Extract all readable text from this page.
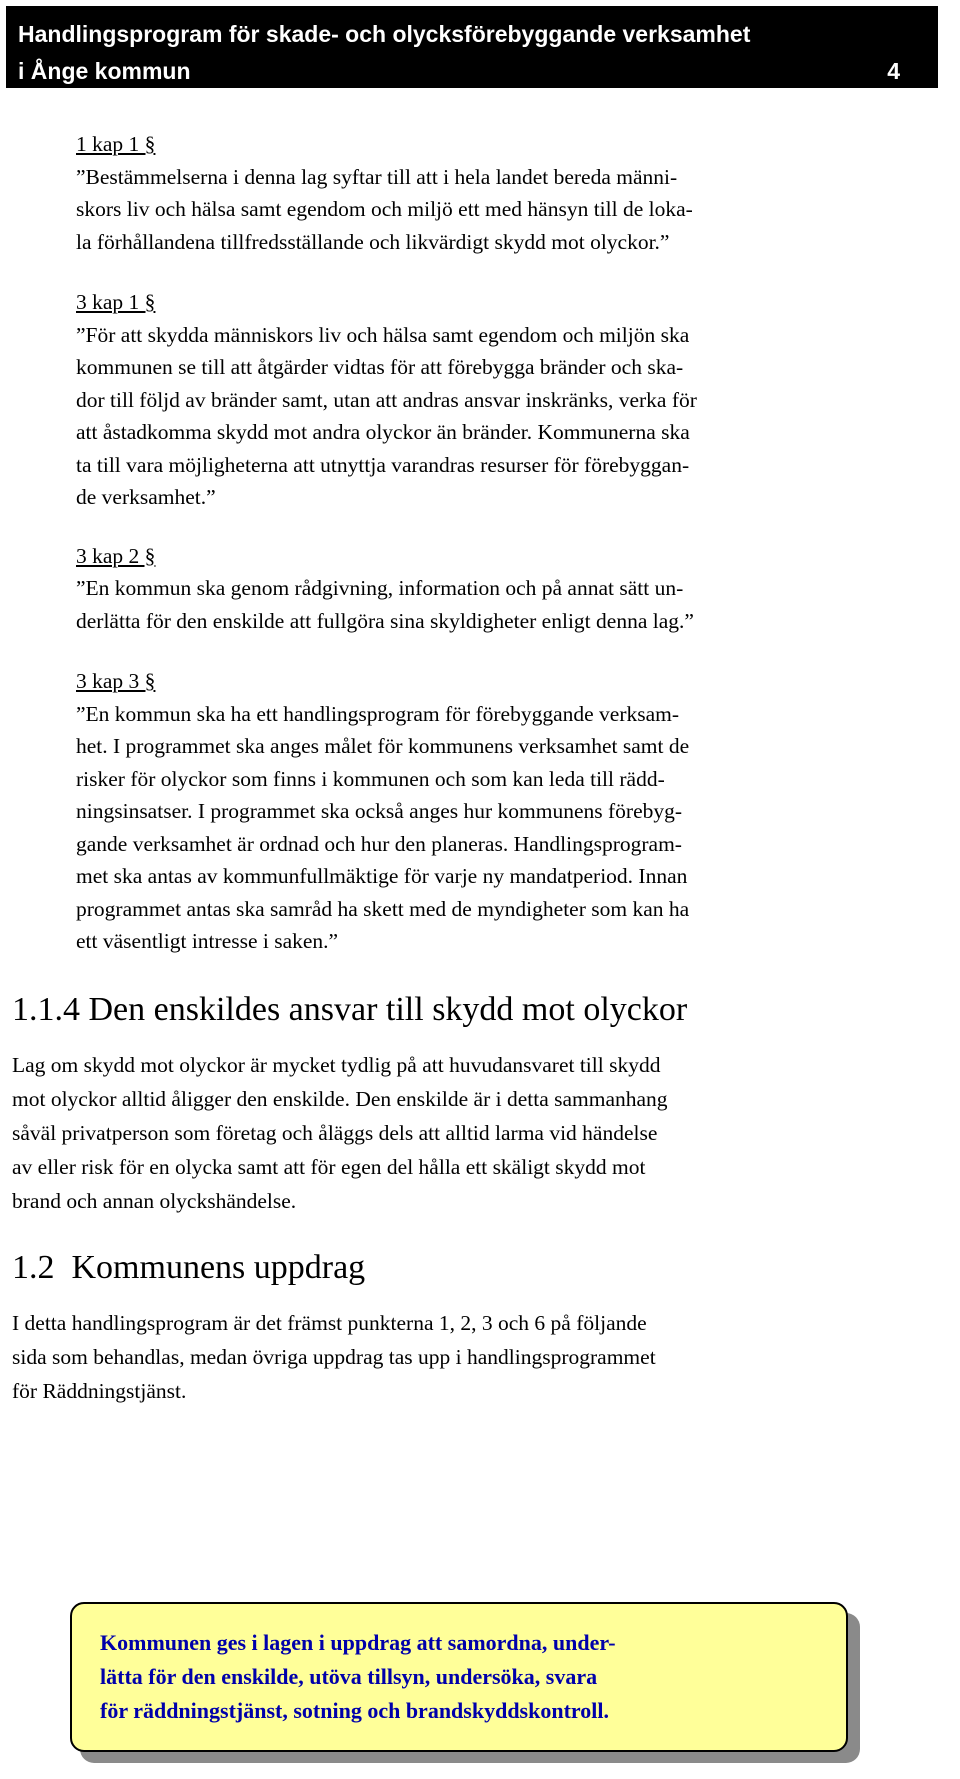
Handlingsprogram för skade- och olycksförebyggande verksamhet
i Ånge kommun	4
1 kap 1 §

”Bestämmelserna i denna lag syftar till att i hela landet bereda männi-

skors liv och hälsa samt egendom och miljö ett med hänsyn till de loka-

la förhållandena tillfredsställande och likvärdigt skydd mot olyckor.”

3 kap 1 §

”För att skydda människors liv och hälsa samt egendom och miljön ska

kommunen se till att åtgärder vidtas för att förebygga bränder och ska-

dor till följd av bränder samt, utan att andras ansvar inskränks, verka för

att åstadkomma skydd mot andra olyckor än bränder. Kommunerna ska

ta till vara möjligheterna att utnyttja varandras resurser för förebyggan-

de verksamhet.”

3 kap 2 §

”En kommun ska genom rådgivning, information och på annat sätt un-

derlätta för den enskilde att fullgöra sina skyldigheter enligt denna lag.”

3 kap 3 §

”En kommun ska ha ett handlingsprogram för förebyggande verksam-

het. I programmet ska anges målet för kommunens verksamhet samt de

risker för olyckor som finns i kommunen och som kan leda till rädd-

ningsinsatser. I programmet ska också anges hur kommunens förebyg-

gande verksamhet är ordnad och hur den planeras. Handlingsprogram-

met ska antas av kommunfullmäktige för varje ny mandatperiod. Innan

programmet antas ska samråd ha skett med de myndigheter som kan ha

ett väsentligt intresse i saken.”

1.1.4 Den enskildes ansvar till skydd mot olyckor
Lag om skydd mot olyckor är mycket tydlig på att huvudansvaret till skydd
mot olyckor alltid åligger den enskilde. Den enskilde är i detta sammanhang
såväl privatperson som företag och åläggs dels att alltid larma vid händelse
av eller risk för en olycka samt att för egen del hålla ett skäligt skydd mot
brand och annan olyckshändelse.
1.2  Kommunens uppdrag
I detta handlingsprogram är det främst punkterna 1, 2, 3 och 6 på följande
sida som behandlas, medan övriga uppdrag tas upp i handlingsprogrammet
för Räddningstjänst.
Kommunen ges i lagen i uppdrag att samordna, under-
lätta för den enskilde, utöva tillsyn, undersöka, svara
för räddningstjänst, sotning och brandskyddskontroll.
